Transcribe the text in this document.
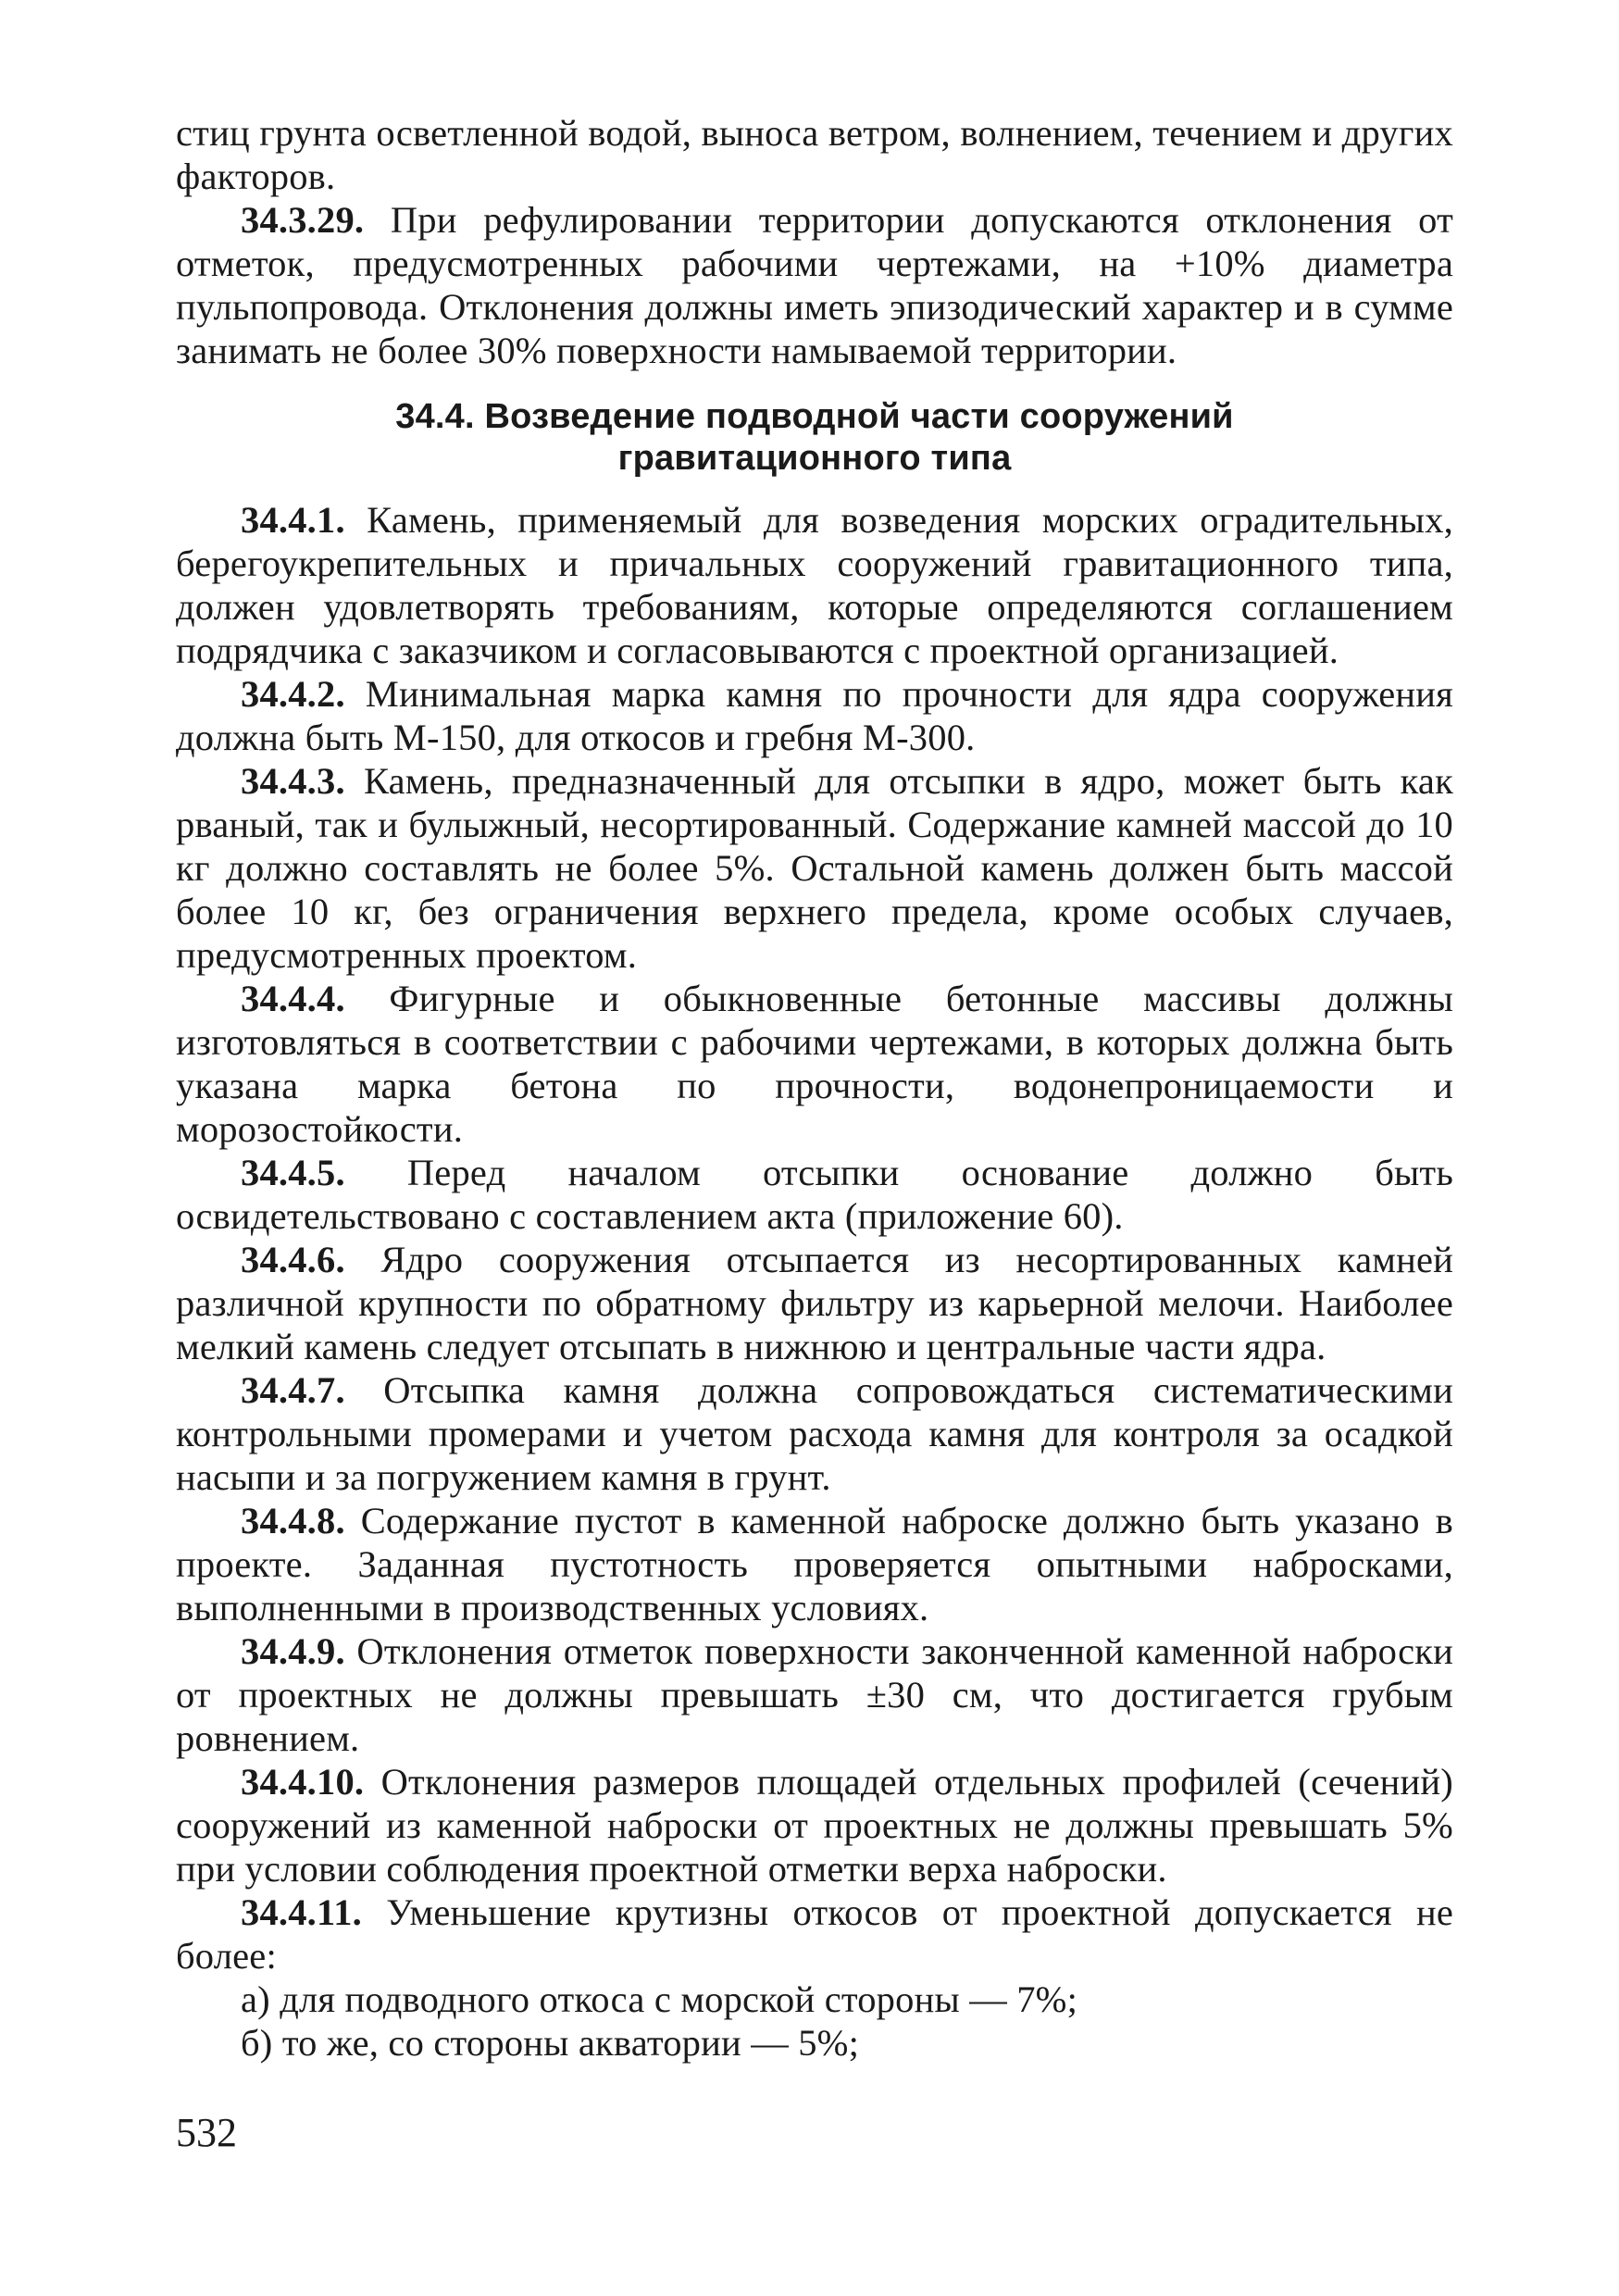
стиц грунта осветленной водой, выноса ветром, волнением, течением и других факторов.

34.3.29. При рефулировании территории допускаются отклонения от отметок, предусмотренных рабочими чертежами, на +10% диаметра пульпопровода. Отклонения должны иметь эпизодический характер и в сумме занимать не более 30% поверхности намываемой территории.

34.4. Возведение подводной части сооружений
гравитационного типа

34.4.1. Камень, применяемый для возведения морских оградительных, берегоукрепительных и причальных сооружений гравитационного типа, должен удовлетворять требованиям, которые определяются соглашением подрядчика с заказчиком и согласовываются с проектной организацией.

34.4.2. Минимальная марка камня по прочности для ядра сооружения должна быть М-150, для откосов и гребня М-300.

34.4.3. Камень, предназначенный для отсыпки в ядро, может быть как рваный, так и булыжный, несортированный. Содержание камней массой до 10 кг должно составлять не более 5%. Остальной камень должен быть массой более 10 кг, без ограничения верхнего предела, кроме особых случаев, предусмотренных проектом.

34.4.4. Фигурные и обыкновенные бетонные массивы должны изготовляться в соответствии с рабочими чертежами, в которых должна быть указана марка бетона по прочности, водонепроницаемости и морозостойкости.

34.4.5. Перед началом отсыпки основание должно быть освидетельствовано с составлением акта (приложение 60).

34.4.6. Ядро сооружения отсыпается из несортированных камней различной крупности по обратному фильтру из карьерной мелочи. Наиболее мелкий камень следует отсыпать в нижнюю и центральные части ядра.

34.4.7. Отсыпка камня должна сопровождаться систематическими контрольными промерами и учетом расхода камня для контроля за осадкой насыпи и за погружением камня в грунт.

34.4.8. Содержание пустот в каменной наброске должно быть указано в проекте. Заданная пустотность проверяется опытными набросками, выполненными в производственных условиях.

34.4.9. Отклонения отметок поверхности законченной каменной наброски от проектных не должны превышать ±30 см, что достигается грубым ровнением.

34.4.10. Отклонения размеров площадей отдельных профилей (сечений) сооружений из каменной наброски от проектных не должны превышать 5% при условии соблюдения проектной отметки верха наброски.

34.4.11. Уменьшение крутизны откосов от проектной допускается не более:

а) для подводного откоса с морской стороны — 7%;

б) то же, со стороны акватории — 5%;

532
